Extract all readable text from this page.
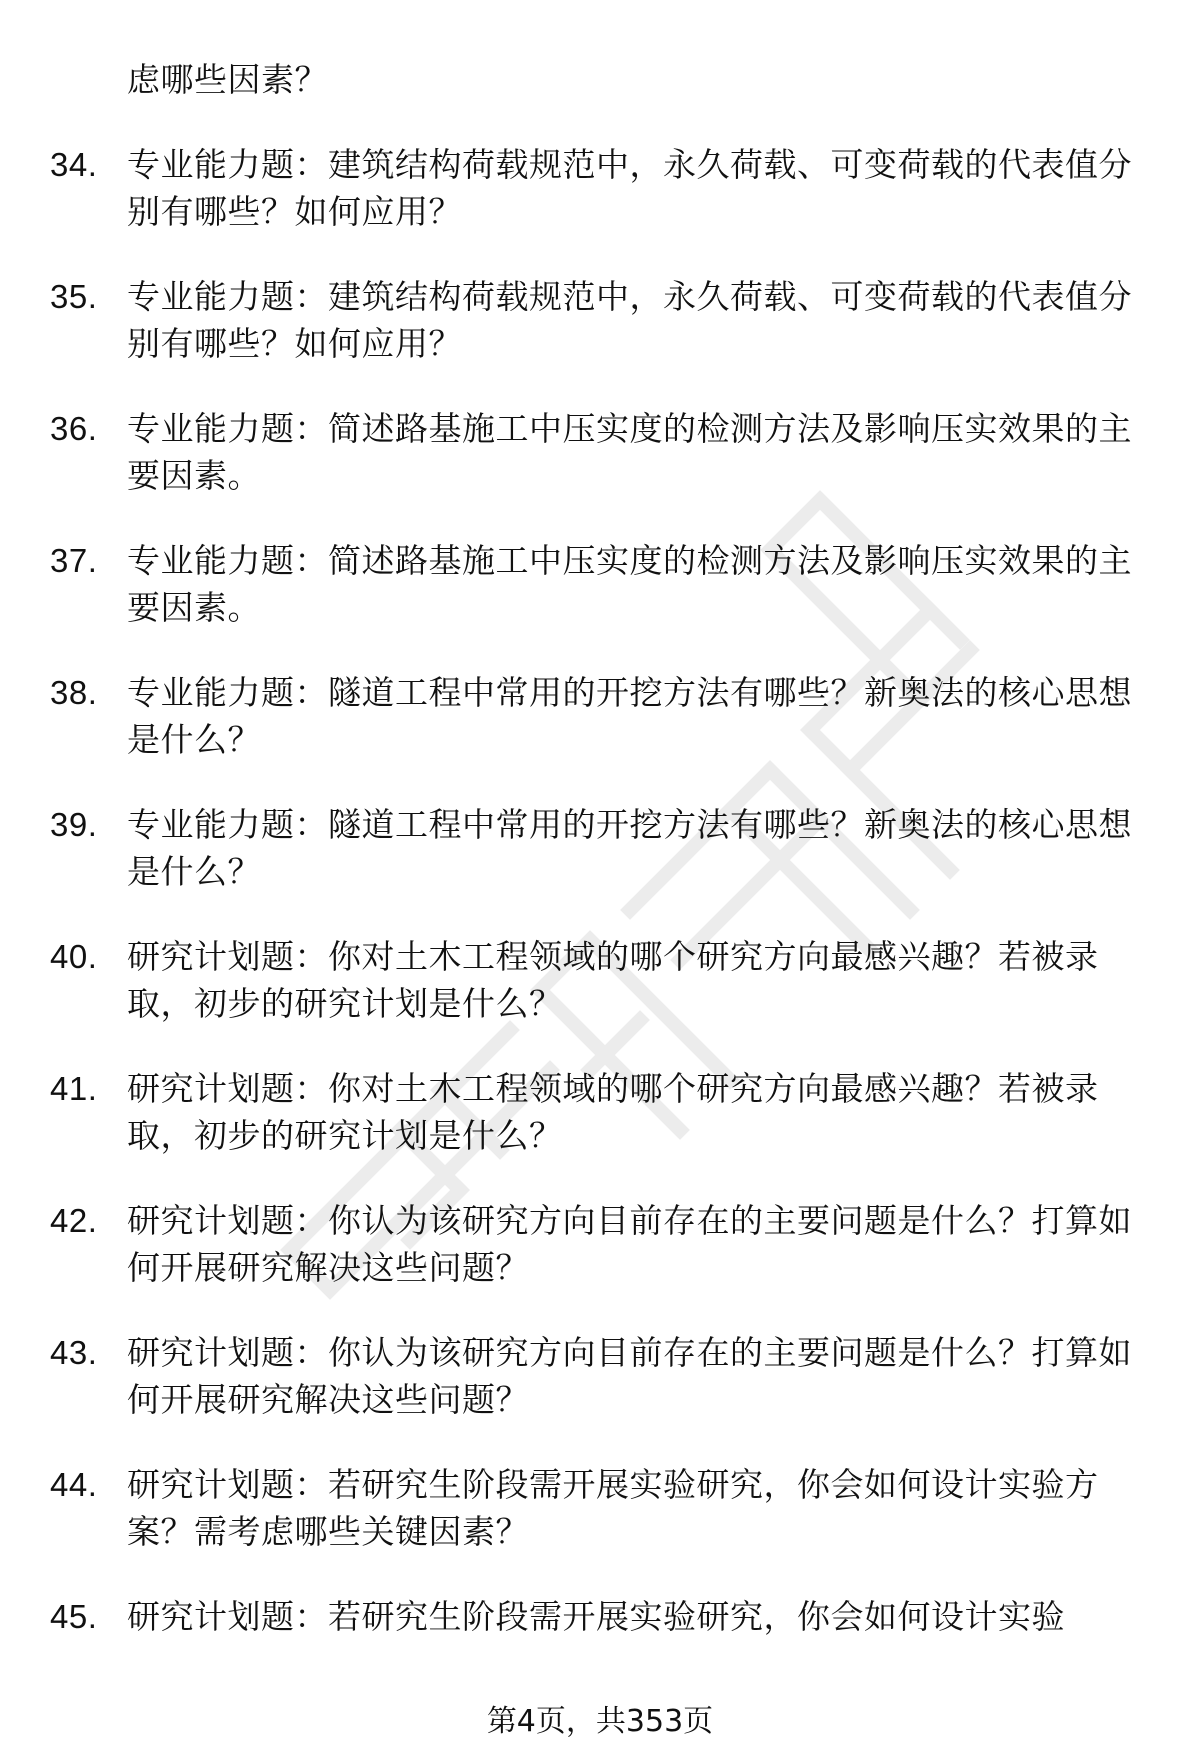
虑哪些因素？
34. 专业能力题：建筑结构荷载规范中，永久荷载、可变荷载的代表值分别有哪些？如何应用？
35. 专业能力题：建筑结构荷载规范中，永久荷载、可变荷载的代表值分别有哪些？如何应用？
36. 专业能力题：简述路基施工中压实度的检测方法及影响压实效果的主要因素。
37. 专业能力题：简述路基施工中压实度的检测方法及影响压实效果的主要因素。
38. 专业能力题：隧道工程中常用的开挖方法有哪些？新奥法的核心思想是什么？
39. 专业能力题：隧道工程中常用的开挖方法有哪些？新奥法的核心思想是什么？
40. 研究计划题：你对土木工程领域的哪个研究方向最感兴趣？若被录取，初步的研究计划是什么？
41. 研究计划题：你对土木工程领域的哪个研究方向最感兴趣？若被录取，初步的研究计划是什么？
42. 研究计划题：你认为该研究方向目前存在的主要问题是什么？打算如何开展研究解决这些问题？
43. 研究计划题：你认为该研究方向目前存在的主要问题是什么？打算如何开展研究解决这些问题？
44. 研究计划题：若研究生阶段需开展实验研究，你会如何设计实验方案？需考虑哪些关键因素？
45. 研究计划题：若研究生阶段需开展实验研究，你会如何设计实验
第4页，共353页
